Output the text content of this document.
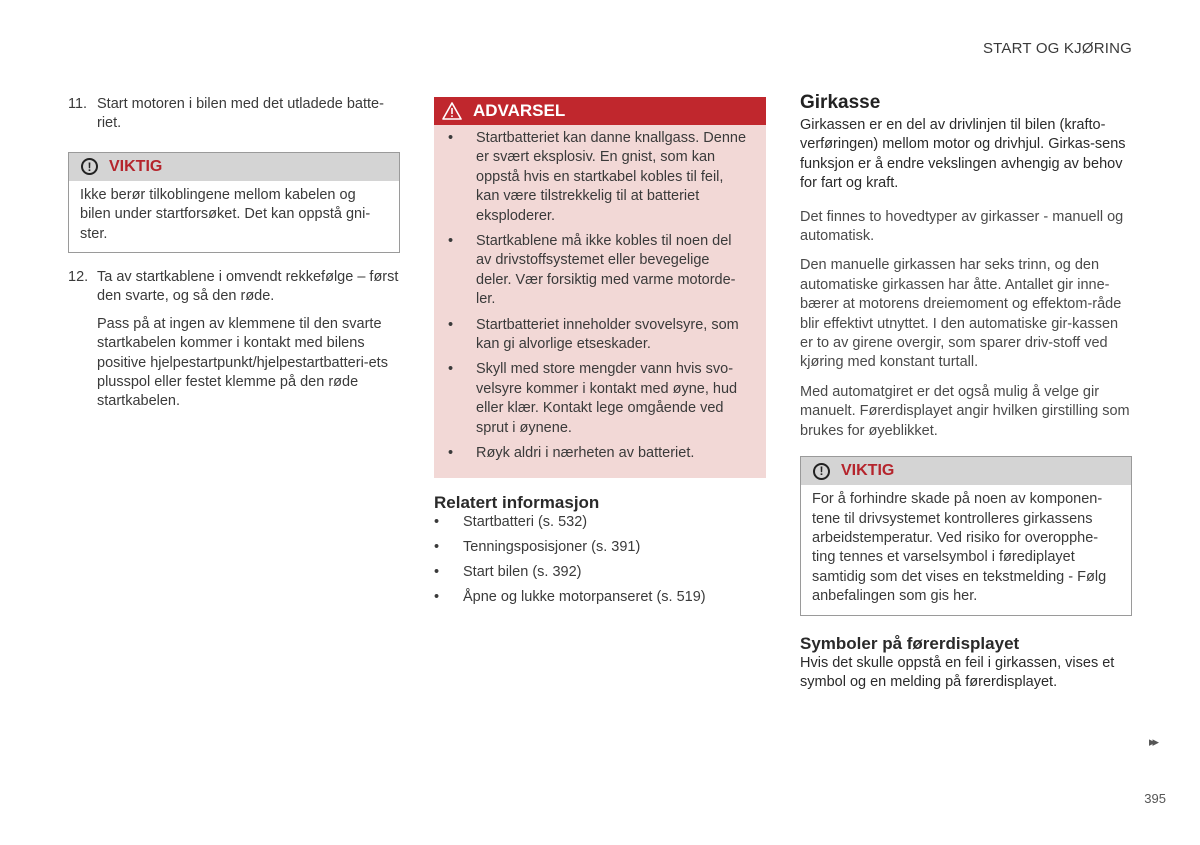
START OG KJØRING
11. Start motoren i bilen med det utladede batte-riet.
!	VIKTIG
Ikke berør tilkoblingene mellom kabelen og bilen under startforsøket. Det kan oppstå gni-ster.
12. Ta av startkablene i omvendt rekkefølge – først den svarte, og så den røde.
Pass på at ingen av klemmene til den svarte startkabelen kommer i kontakt med bilens positive hjelpestartpunkt/hjelpestartbatteri-ets plusspol eller festet klemme på den røde startkabelen.
ADVARSEL
•	Startbatteriet kan danne knallgass. Denne er svært eksplosiv. En gnist, som kan oppstå hvis en startkabel kobles til feil, kan være tilstrekkelig til at batteriet eksploderer.
•	Startkablene må ikke kobles til noen del av drivstoffsystemet eller bevegelige deler. Vær forsiktig med varme motorde-ler.
•	Startbatteriet inneholder svovelsyre, som kan gi alvorlige etseskader.
•	Skyll med store mengder vann hvis svo-velsyre kommer i kontakt med øyne, hud eller klær. Kontakt lege omgående ved sprut i øynene.
•	Røyk aldri i nærheten av batteriet.
Relatert informasjon
•	Startbatteri (s. 532)
•	Tenningsposisjoner (s. 391)
•	Start bilen (s. 392)
•	Åpne og lukke motorpanseret (s. 519)
Girkasse
Girkassen er en del av drivlinjen til bilen (krafto-verføringen) mellom motor og drivhjul. Girkas-sens funksjon er å endre vekslingen avhengig av behov for fart og kraft.
Det finnes to hovedtyper av girkasser - manuell og automatisk.
Den manuelle girkassen har seks trinn, og den automatiske girkassen har åtte. Antallet gir inne-bærer at motorens dreiemoment og effektom-råde blir effektivt utnyttet. I den automatiske gir-kassen er to av girene overgir, som sparer driv-stoff ved kjøring med konstant turtall.
Med automatgiret er det også mulig å velge gir manuelt. Førerdisplayet angir hvilken girstilling som brukes for øyeblikket.
!	VIKTIG
For å forhindre skade på noen av komponen-tene til drivsystemet kontrolleres girkassens arbeidstemperatur. Ved risiko for overopphe-ting tennes et varselsymbol i førediplayet samtidig som det vises en tekstmelding - Følg anbefalingen som gis her.
Symboler på førerdisplayet
Hvis det skulle oppstå en feil i girkassen, vises et symbol og en melding på førerdisplayet.
▸▸
395
